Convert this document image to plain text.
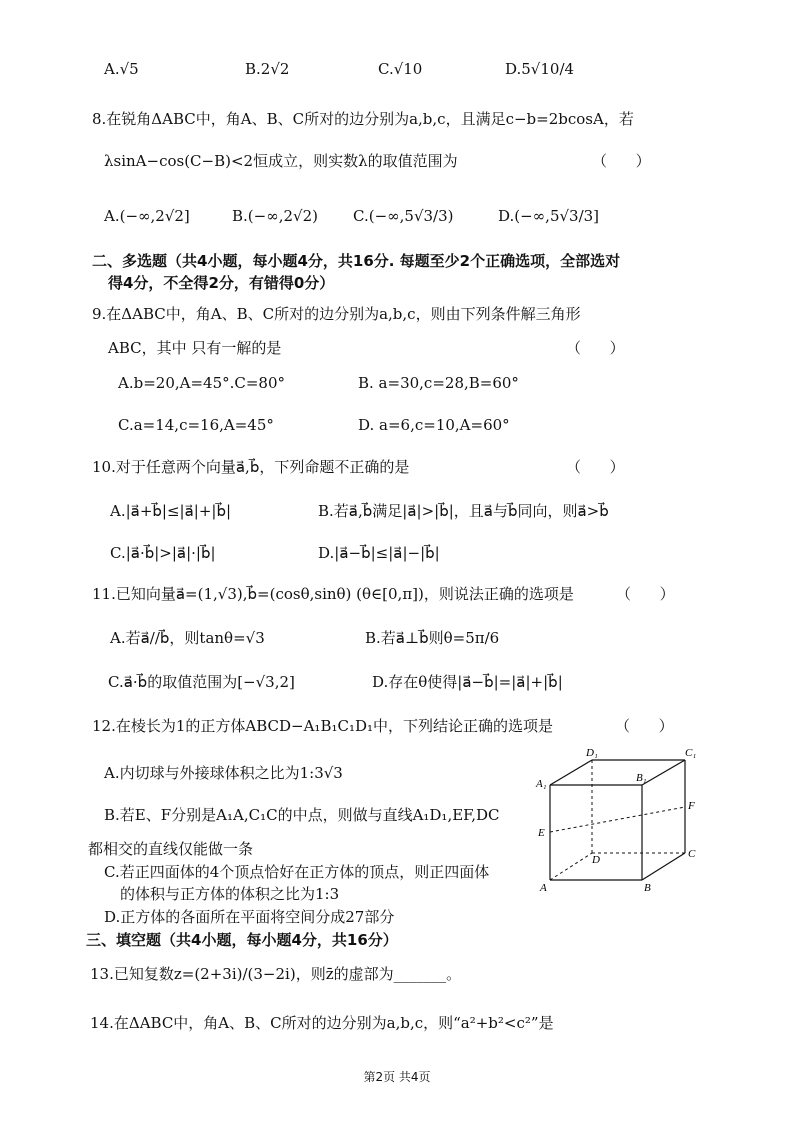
A.√5	B.2√2	C.√10	D.5√10/4
8.在锐角ΔABC中，角A、B、C所对的边分别为a,b,c，且满足c−b=2bcosA，若
λsinA−cos(C−B)<2恒成立，则实数λ的取值范围为	（      ）
A.(−∞,2√2]	B.(−∞,2√2) C.(−∞,5√3/3)	D.(−∞,5√3/3]
二、多选题（共4小题，每小题4分，共16分. 每题至少2个正确选项，全部选对
得4分，不全得2分，有错得0分）
9.在ΔABC中，角A、B、C所对的边分别为a,b,c，则由下列条件解三角形
ABC，其中 只有一解的是	（      ）
A.b=20,A=45°.C=80°	B. a=30,c=28,B=60°
C.a=14,c=16,A=45°	D. a=6,c=10,A=60°
10.对于任意两个向量a⃗,b⃗，下列命题不正确的是	（      ）
A.|a⃗+b⃗|≤|a⃗|+|b⃗|	B.若a⃗,b⃗满足|a⃗|>|b⃗|，且a⃗与b⃗同向，则a⃗>b⃗
C.|a⃗·b⃗|>|a⃗|·|b⃗|	D.|a⃗−b⃗|≤|a⃗|−|b⃗|
11.已知向量a⃗=(1,√3),b⃗=(cosθ,sinθ) (θ∈[0,π])，则说法正确的选项是	（      ）
A.若a⃗//b⃗，则tanθ=√3	B.若a⃗⊥b⃗则θ=5π/6
C.a⃗·b⃗的取值范围为[−√3,2]	D.存在θ使得|a⃗−b⃗|=|a⃗|+|b⃗|
12.在棱长为1的正方体ABCD−A₁B₁C₁D₁中，下列结论正确的选项是	（      ）
A.内切球与外接球体积之比为1:3√3
B.若E、F分别是A₁A,C₁C的中点，则做与直线A₁D₁,EF,DC
都相交的直线仅能做一条
C.若正四面体的4个顶点恰好在正方体的顶点，则正四面体
的体积与正方体的体积之比为1:3
D.正方体的各面所在平面将空间分成27部分
D₁	C₁
A₁	B₁
E
F
D	C
A	B
三、填空题（共4小题，每小题4分，共16分）
13.已知复数z=(2+3i)/(3−2i)，则z̄的虚部为_______。
14.在ΔABC中，角A、B、C所对的边分别为a,b,c，则“a²+b²<c²”是
第2页 共4页
